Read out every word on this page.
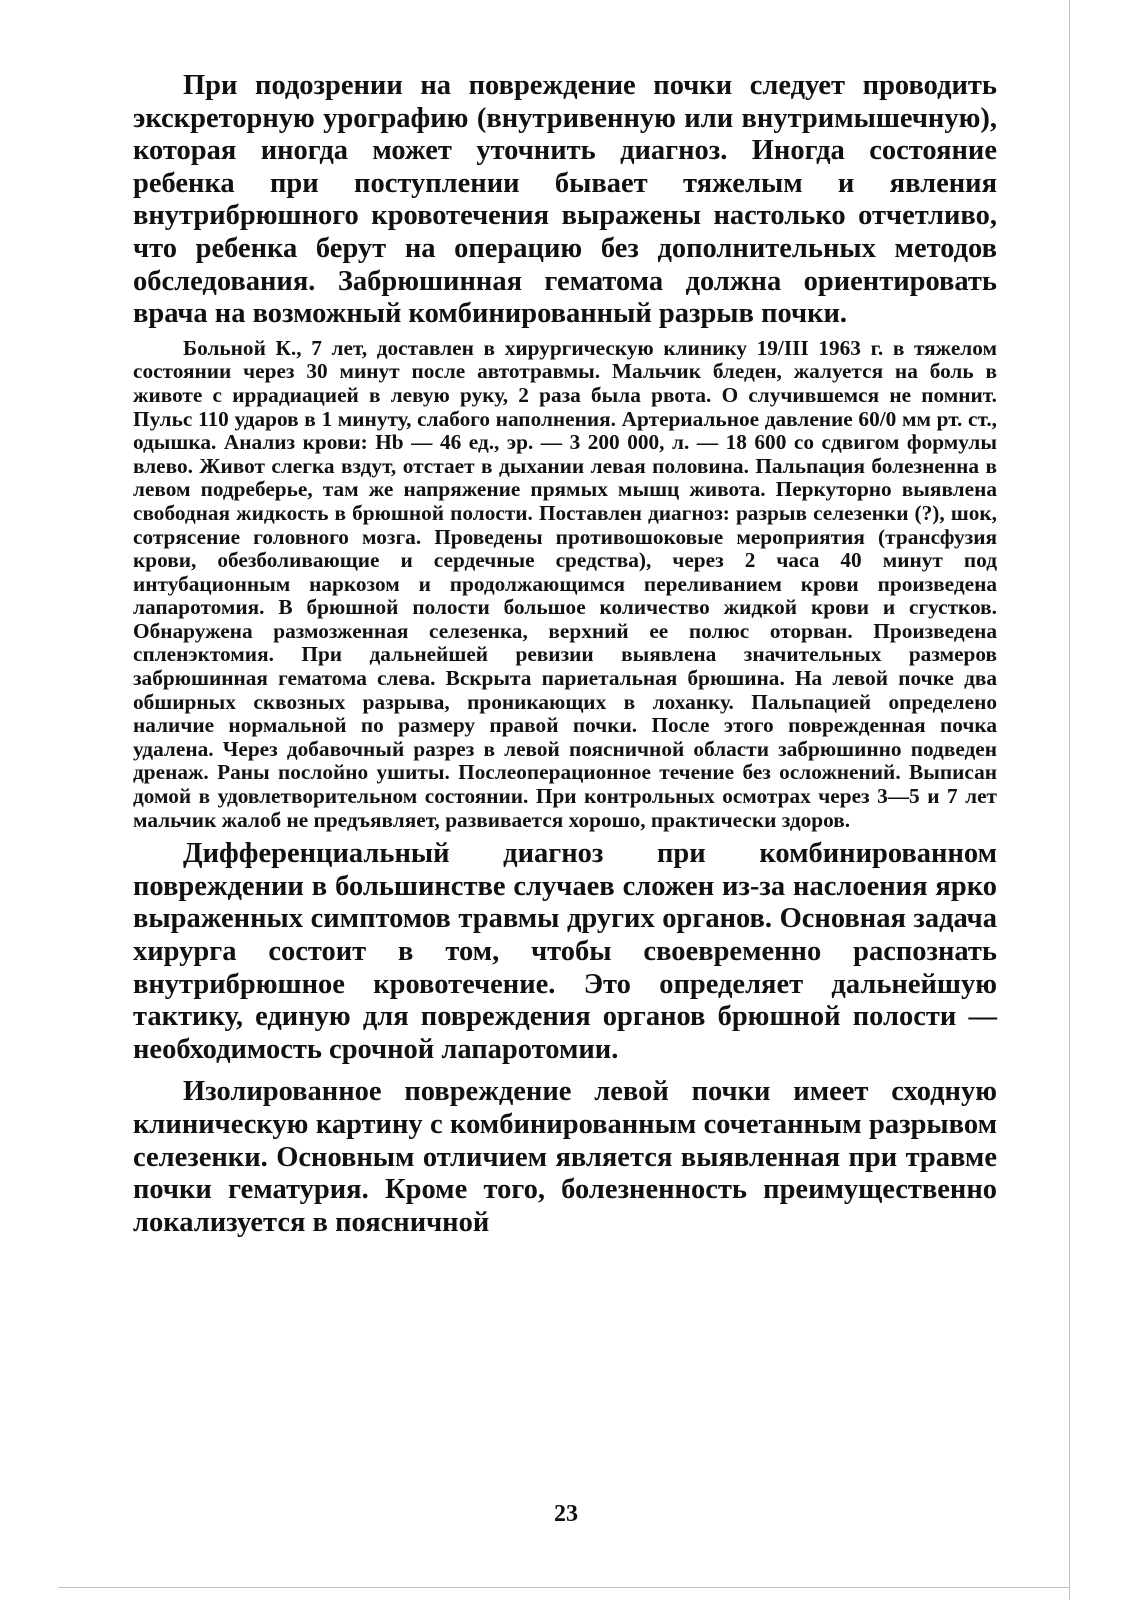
При подозрении на повреждение почки следует проводить экскреторную урографию (внутривенную или внутримышечную), которая иногда может уточнить диагноз. Иногда состояние ребенка при поступлении бывает тяжелым и явления внутрибрюшного кровотечения выражены настолько отчетливо, что ребенка берут на операцию без дополнительных методов обследования. Забрюшинная гематома должна ориентировать врача на возможный комбинированный разрыв почки.

Больной К., 7 лет, доставлен в хирургическую клинику 19/III 1963 г. в тяжелом состоянии через 30 минут после автотравмы. Мальчик бледен, жалуется на боль в животе с иррадиацией в левую руку, 2 раза была рвота. О случившемся не помнит. Пульс 110 ударов в 1 минуту, слабого наполнения. Артериальное давление 60/0 мм рт. ст., одышка. Анализ крови: Hb — 46 ед., эр. — 3 200 000, л. — 18 600 со сдвигом формулы влево. Живот слегка вздут, отстает в дыхании левая половина. Пальпация болезненна в левом подреберье, там же напряжение прямых мышц живота. Перкуторно выявлена свободная жидкость в брюшной полости. Поставлен диагноз: разрыв селезенки (?), шок, сотрясение головного мозга. Проведены противошоковые мероприятия (трансфузия крови, обезболивающие и сердечные средства), через 2 часа 40 минут под интубационным наркозом и продолжающимся переливанием крови произведена лапаротомия. В брюшной полости большое количество жидкой крови и сгустков. Обнаружена размозженная селезенка, верхний ее полюс оторван. Произведена спленэктомия. При дальнейшей ревизии выявлена значительных размеров забрюшинная гематома слева. Вскрыта париетальная брюшина. На левой почке два обширных сквозных разрыва, проникающих в лоханку. Пальпацией определено наличие нормальной по размеру правой почки. После этого поврежденная почка удалена. Через добавочный разрез в левой поясничной области забрюшинно подведен дренаж. Раны послойно ушиты. Послеоперационное течение без осложнений. Выписан домой в удовлетворительном состоянии. При контрольных осмотрах через 3—5 и 7 лет мальчик жалоб не предъявляет, развивается хорошо, практически здоров.

Дифференциальный диагноз при комбинированном повреждении в большинстве случаев сложен из-за наслоения ярко выраженных симптомов травмы других органов. Основная задача хирурга состоит в том, чтобы своевременно распознать внутрибрюшное кровотечение. Это определяет дальнейшую тактику, единую для повреждения органов брюшной полости — необходимость срочной лапаротомии.

Изолированное повреждение левой почки имеет сходную клиническую картину с комбинированным сочетанным разрывом селезенки. Основным отличием является выявленная при травме почки гематурия. Кроме того, болезненность преимущественно локализуется в поясничной

23
